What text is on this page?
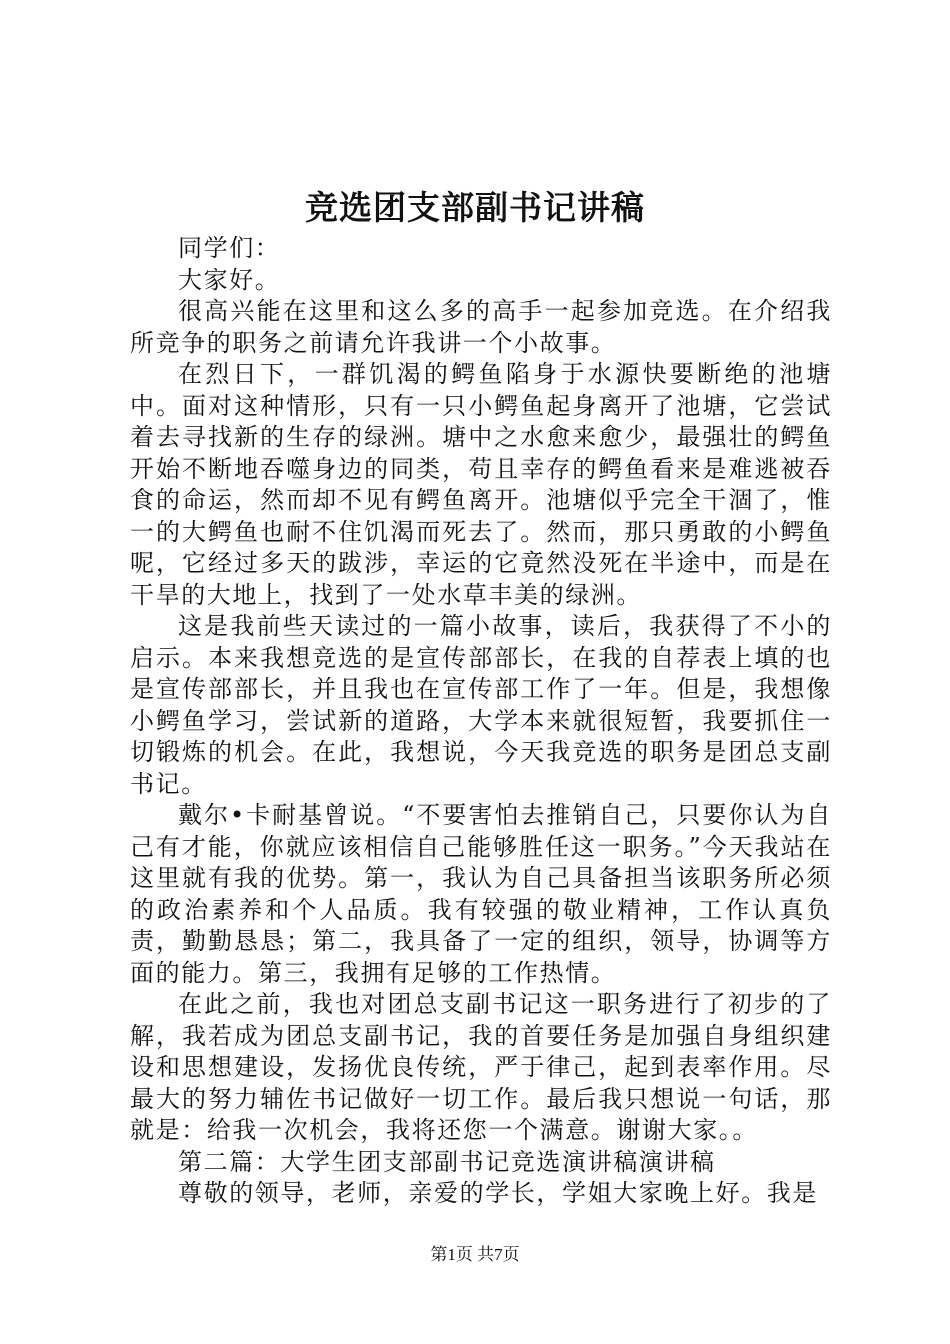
竞选团支部副书记讲稿

同学们：

大家好。

很高兴能在这里和这么多的高手一起参加竞选。在介绍我所竞争的职务之前请允许我讲一个小故事。

在烈日下，一群饥渴的鳄鱼陷身于水源快要断绝的池塘中。面对这种情形，只有一只小鳄鱼起身离开了池塘，它尝试着去寻找新的生存的绿洲。塘中之水愈来愈少，最强壮的鳄鱼开始不断地吞噬身边的同类，苟且幸存的鳄鱼看来是难逃被吞食的命运，然而却不见有鳄鱼离开。池塘似乎完全干涸了，惟一的大鳄鱼也耐不住饥渴而死去了。然而，那只勇敢的小鳄鱼呢，它经过多天的跋涉，幸运的它竟然没死在半途中，而是在干旱的大地上，找到了一处水草丰美的绿洲。

这是我前些天读过的一篇小故事，读后，我获得了不小的启示。本来我想竞选的是宣传部部长，在我的自荐表上填的也是宣传部部长，并且我也在宣传部工作了一年。但是，我想像小鳄鱼学习，尝试新的道路，大学本来就很短暂，我要抓住一切锻炼的机会。在此，我想说，今天我竞选的职务是团总支副书记。

戴尔•卡耐基曾说。“不要害怕去推销自己，只要你认为自己有才能，你就应该相信自己能够胜任这一职务。”今天我站在这里就有我的优势。第一，我认为自己具备担当该职务所必须的政治素养和个人品质。我有较强的敬业精神，工作认真负责，勤勤恳恳；第二，我具备了一定的组织，领导，协调等方面的能力。第三，我拥有足够的工作热情。

在此之前，我也对团总支副书记这一职务进行了初步的了解，我若成为团总支副书记，我的首要任务是加强自身组织建设和思想建设，发扬优良传统，严于律己，起到表率作用。尽最大的努力辅佐书记做好一切工作。最后我只想说一句话，那就是：给我一次机会，我将还您一个满意。谢谢大家。。

第二篇：大学生团支部副书记竞选演讲稿演讲稿

尊敬的领导，老师，亲爱的学长，学姐大家晚上好。我是

第1页 共7页
